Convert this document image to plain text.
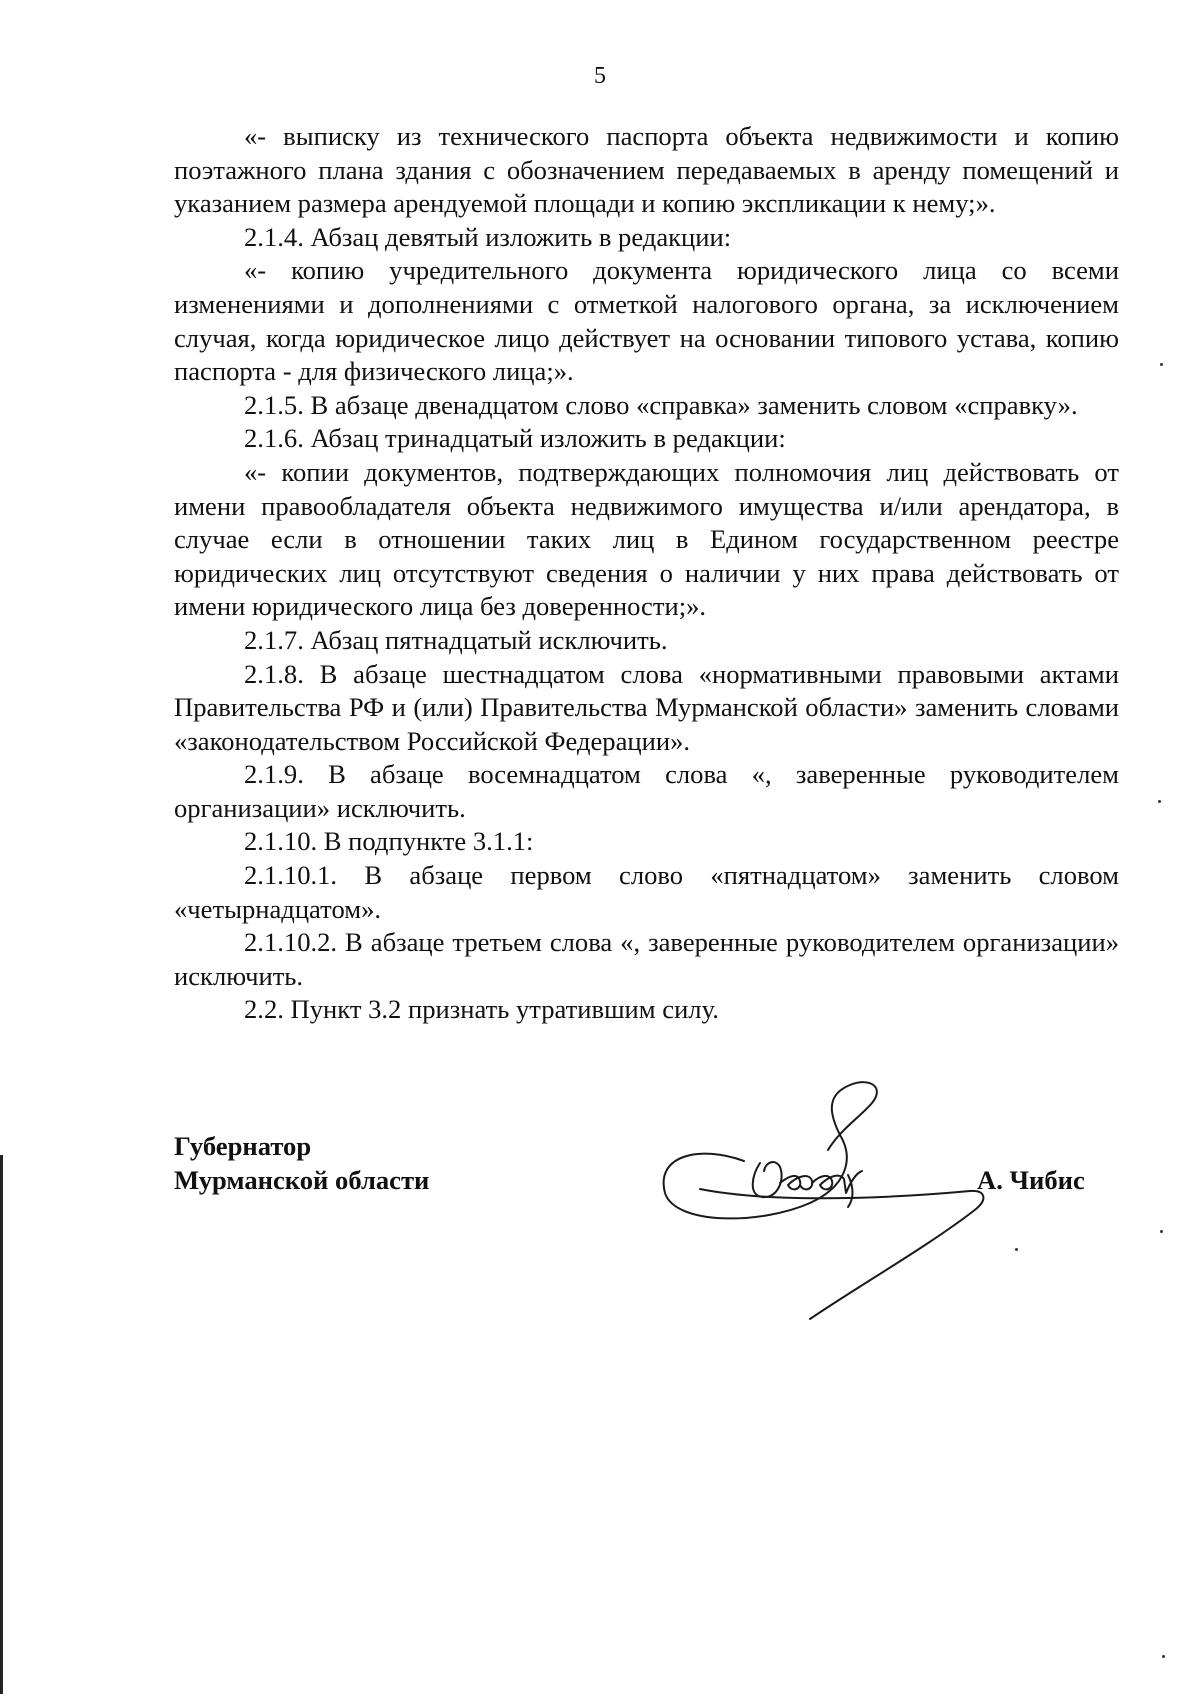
5

«- выписку из технического паспорта объекта недвижимости и копию поэтажного плана здания с обозначением передаваемых в аренду помещений и указанием размера арендуемой площади и копию экспликации к нему;».

2.1.4. Абзац девятый изложить в редакции:

«- копию учредительного документа юридического лица со всеми изменениями и дополнениями с отметкой налогового органа, за исключением случая, когда юридическое лицо действует на основании типового устава, копию паспорта - для физического лица;».

2.1.5. В абзаце двенадцатом слово «справка» заменить словом «справку».

2.1.6. Абзац тринадцатый изложить в редакции:

«- копии документов, подтверждающих полномочия лиц действовать от имени правообладателя объекта недвижимого имущества и/или арендатора, в случае если в отношении таких лиц в Едином государственном реестре юридических лиц отсутствуют сведения о наличии у них права действовать от имени юридического лица без доверенности;».

2.1.7. Абзац пятнадцатый исключить.

2.1.8. В абзаце шестнадцатом слова «нормативными правовыми актами Правительства РФ и (или) Правительства Мурманской области» заменить словами «законодательством Российской Федерации».

2.1.9. В абзаце восемнадцатом слова «, заверенные руководителем организации» исключить.

2.1.10. В подпункте 3.1.1:

2.1.10.1. В абзаце первом слово «пятнадцатом» заменить словом «четырнадцатом».

2.1.10.2. В абзаце третьем слова «, заверенные руководителем организации» исключить.

2.2. Пункт 3.2 признать утратившим силу.

Губернатор
Мурманской области	А. Чибис
